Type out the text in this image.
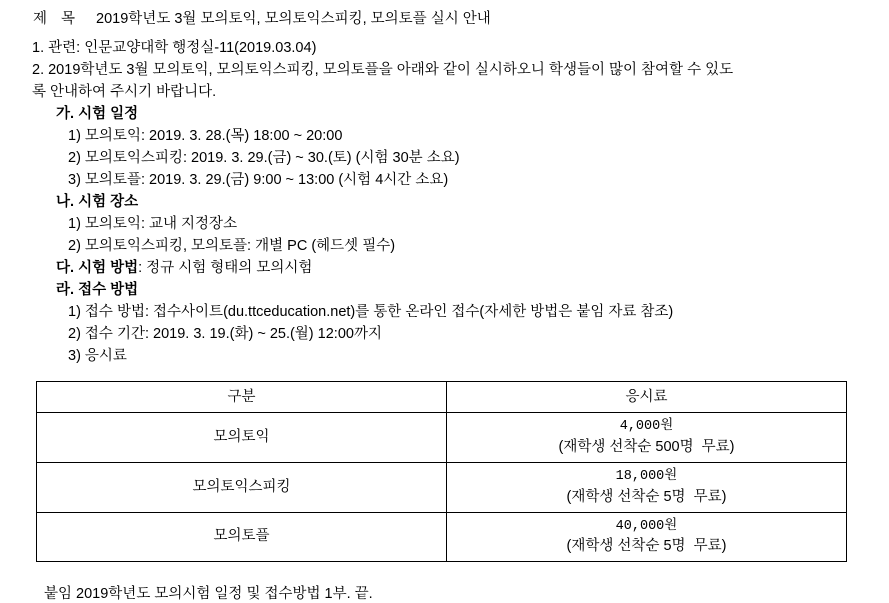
제 목 2019학년도 3월 모의토익, 모의토익스피킹, 모의토플 실시 안내
1. 관련: 인문교양대학 행정실-11(2019.03.04)
2. 2019학년도 3월 모의토익, 모의토익스피킹, 모의토플을 아래와 같이 실시하오니 학생들이 많이 참여할 수 있도
록 안내하여 주시기 바랍니다.
가. 시험 일정
1) 모의토익: 2019. 3. 28.(목) 18:00 ~ 20:00
2) 모의토익스피킹: 2019. 3. 29.(금) ~ 30.(토) (시험 30분 소요)
3) 모의토플: 2019. 3. 29.(금) 9:00 ~ 13:00 (시험 4시간 소요)
나. 시험 장소
1) 모의토익: 교내 지정장소
2) 모의토익스피킹, 모의토플: 개별 PC (헤드셋 필수)
다. 시험 방법: 정규 시험 형태의 모의시험
라. 접수 방법
1) 접수 방법: 접수사이트(du.ttceducation.net)를 통한 온라인 접수(자세한 방법은 붙임 자료 참조)
2) 접수 기간: 2019. 3. 19.(화) ~ 25.(월) 12:00까지
3) 응시료
구분	응시료
모의토익	4,000원
(재학생 선착순 500명  무료)

모의토익스피킹	18,000원
(재학생 선착순 5명  무료)

모의토플	40,000원
(재학생 선착순 5명  무료)
붙임 2019학년도 모의시험 일정 및 접수방법 1부. 끝.
